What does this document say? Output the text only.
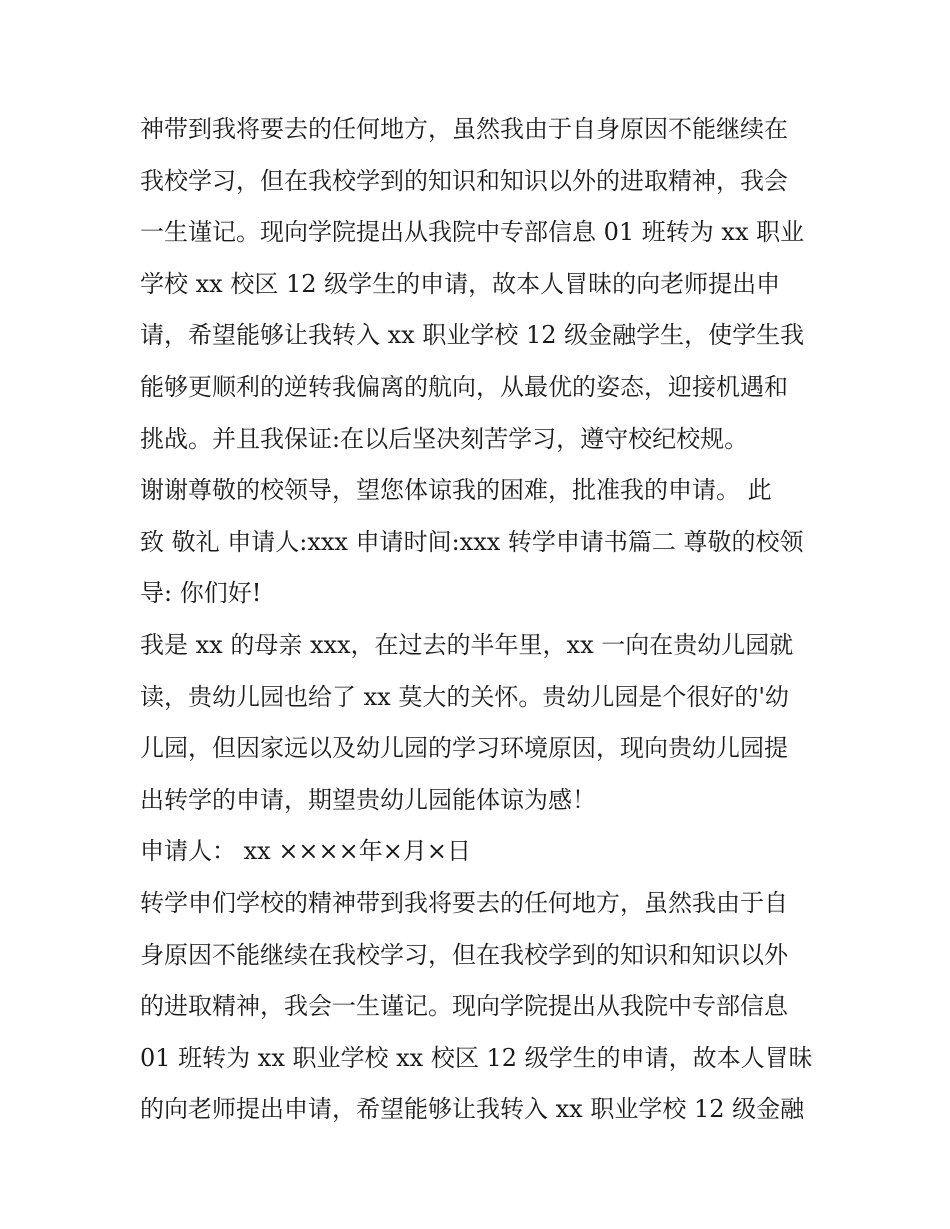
神带到我将要去的任何地方，虽然我由于自身原因不能继续在
我校学习，但在我校学到的知识和知识以外的进取精神，我会
一生谨记。现向学院提出从我院中专部信息 01 班转为 xx 职业
学校 xx 校区 12 级学生的申请，故本人冒昧的向老师提出申
请，希望能够让我转入 xx 职业学校 12 级金融学生，使学生我
能够更顺利的逆转我偏离的航向，从最优的姿态，迎接机遇和
挑战。并且我保证:在以后坚决刻苦学习，遵守校纪校规。
谢谢尊敬的校领导，望您体谅我的困难，批准我的申请。 此
致 敬礼 申请人:xxx 申请时间:xxx 转学申请书篇二 尊敬的校领
导: 你们好!
我是 xx 的母亲 xxx，在过去的半年里，xx 一向在贵幼儿园就
读，贵幼儿园也给了 xx 莫大的关怀。贵幼儿园是个很好的'幼
儿园，但因家远以及幼儿园的学习环境原因，现向贵幼儿园提
出转学的申请，期望贵幼儿园能体谅为感！
申请人： xx ××××年×月×日
转学申们学校的精神带到我将要去的任何地方，虽然我由于自
身原因不能继续在我校学习，但在我校学到的知识和知识以外
的进取精神，我会一生谨记。现向学院提出从我院中专部信息
01 班转为 xx 职业学校 xx 校区 12 级学生的申请，故本人冒昧
的向老师提出申请，希望能够让我转入 xx 职业学校 12 级金融
